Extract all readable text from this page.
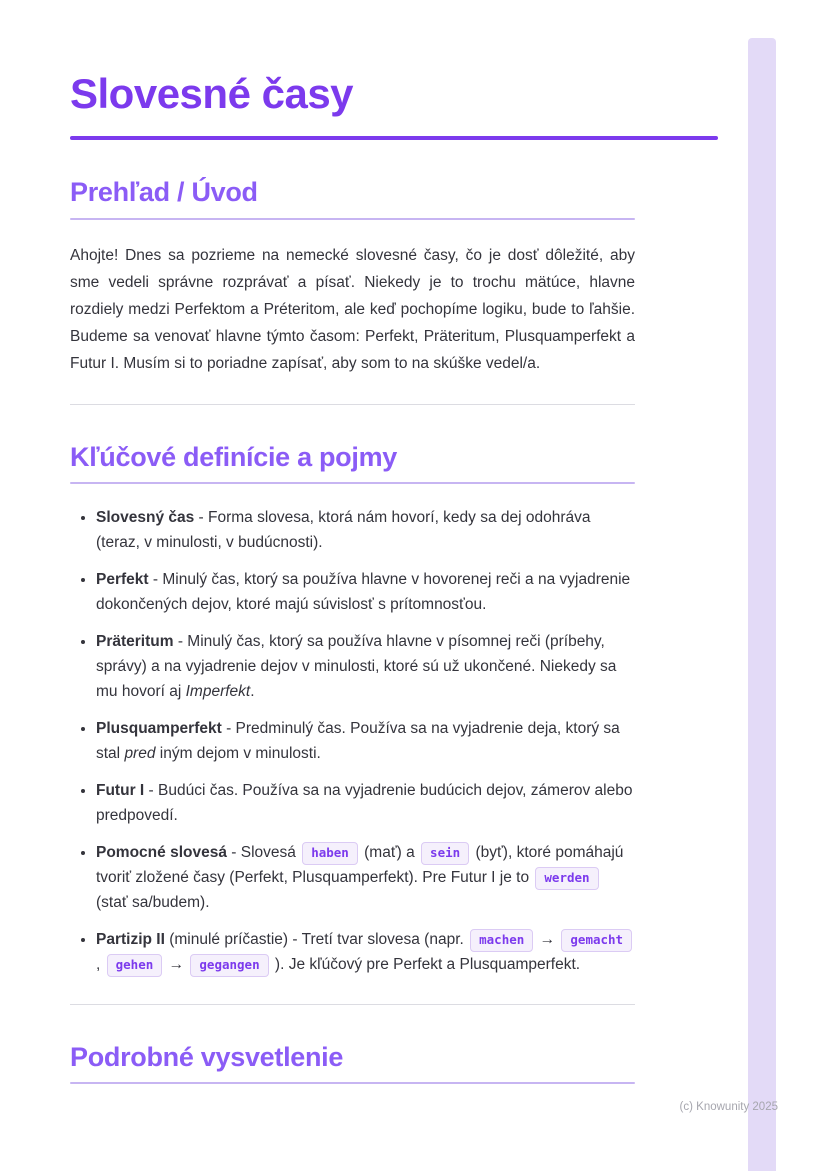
Slovesné časy
Prehľad / Úvod

Ahojte! Dnes sa pozrieme na nemecké slovesné časy, čo je dosť dôležité, aby sme vedeli správne rozprávať a písať. Niekedy je to trochu mätúce, hlavne rozdiely medzi Perfektom a Préteritom, ale keď pochopíme logiku, bude to ľahšie. Budeme sa venovať hlavne týmto časom: Perfekt, Präteritum, Plusquamperfekt a Futur I. Musím si to poriadne zapísať, aby som to na skúške vedel/a.

Kľúčové definície a pojmy
• Slovesný čas - Forma slovesa, ktorá nám hovorí, kedy sa dej odohráva (teraz, v minulosti, v budúcnosti).
• Perfekt - Minulý čas, ktorý sa používa hlavne v hovorenej reči a na vyjadrenie dokončených dejov, ktoré majú súvislosť s prítomnosťou.
• Präteritum - Minulý čas, ktorý sa používa hlavne v písomnej reči (príbehy, správy) a na vyjadrenie dejov v minulosti, ktoré sú už ukončené. Niekedy sa mu hovorí aj Imperfekt.
• Plusquamperfekt - Predminulý čas. Používa sa na vyjadrenie deja, ktorý sa stal pred iným dejom v minulosti.
• Futur I - Budúci čas. Používa sa na vyjadrenie budúcich dejov, zámerov alebo predpovedí.
• Pomocné slovesá - Slovesá haben (mať) a sein (byť), ktoré pomáhajú tvoriť zložené časy (Perfekt, Plusquamperfekt). Pre Futur I je to werden (stať sa/budem).
• Partizip II (minulé príčastie) - Tretí tvar slovesa (napr. machen → gemacht , gehen → gegangen ). Je kľúčový pre Perfekt a Plusquamperfekt.
Podrobné vysvetlenie
(c) Knowunity 2025
